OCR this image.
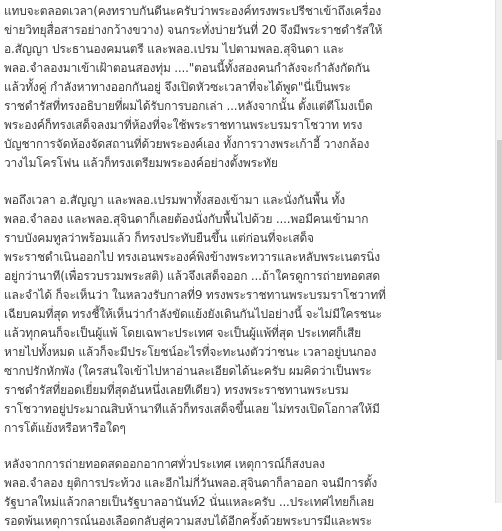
แทบจะตลอดเวลา(คงทราบกันดีนะครับว่าพระองค์ทรงพระปรีชาเข้าถึงเครื่อง
ข่ายวิทยุสื่อสารอย่างกว้างขวาง) จนกระทั่งบ่ายวันที่ 20 จึงมีพระราชดำรัสให้
อ.สัญญา ประธานองคมนตรี และพลอ.เปรม ไปตามพลอ.สุจินดา และ
พลอ.จำลองมาเข้าเฝ้าตอนสองทุ่ม ...."ตอนนี้ทั้งสองคนกำลังจะกำลังกัดกัน
แล้วทั้งคู่ กำลังหาทางออกกันอยู่ จึงเปิดหัวซะเวลาที่จะได้พูด"นี่เป็นพระ
ราชดำรัสที่ทรงอธิบายที่ผมได้รับการบอกเล่า ...หลังจากนั้น ตั้งแต่ตีโมงเบ็ด
พระองค์ก็ทรงเสด็จลงมาที่ห้องที่จะใช้พระราชทานพระบรมราโชวาท ทรง
บัญชาการจัดห้องจัดสถานที่ด้วยพระองค์เอง ทั้งการวางพระเก้าอี้ วางกล้อง
วางไมโครโฟน แล้วก็ทรงเตรียมพระองค์อย่างตั้งพระทัย
พอถึงเวลา อ.สัญญา และพลอ.เปรมพาทั้งสองเข้ามา และนั่งกันพื้น ทั้ง
พลอ.จำลอง และพลอ.สุจินดาก็เลยต้องนั่งกับพื้นไปด้วย ....พอมีคนเข้ามาก
ราบบังคมทูลว่าพร้อมแล้ว ก็ทรงประทับยืนขึ้น แต่ก่อนที่จะเสด็จ
พระราชดำเนินออกไป ทรงเอนพระองค์พิงข้างพระทวารและหลับพระเนตรนิ่ง
อยู่กว่านาที(เพื่อรวบรวมพระสติ) แล้วจึงเสด็จออก ...ถ้าใครดูการถ่ายทอดสด
และจำได้ ก็จะเห็นว่า ในหลวงรับกาลที่9 ทรงพระราชทานพระบรมราโชวาทที่
เฉียบคมที่สุด ทรงชี้ให้เห็นว่ากำลังขัดแย้งยังเดินกันไปอย่างนี้ จะไม่มีใครชนะ
แล้วทุกคนก็จะเป็นผู้แพ้ โดยเฉพาะประเทศ จะเป็นผู้แพ้ที่สุด ประเทศก็เสีย
หายไปทั้งหมด แล้วก็จะมีประโยชน์อะไรที่จะทะนงตัวว่าชนะ เวลาอยู่บนกอง
ซากปรักหักพัง (ใครสนใจเข้าไปหาอ่านละเอียดได้นะครับ ผมคิดว่าเป็นพระ
ราชดำรัสที่ยอดเยี่ยมที่สุดอันหนึ่งเลยทีเดียว) ทรงพระราชทานพระบรม
ราโชวาทอยู่ประมาณสิบห้านาทีแล้วก็ทรงเสด็จขึ้นเลย ไม่ทรงเปิดโอกาสให้มี
การโต้แย้งหรือหารือใดๆ
หลังจากการถ่ายทอดสดออกอากาศทั่วประเทศ เหตุการณ์ก็สงบลง
พลอ.จำลอง ยุติการประท้วง และอีกไม่กี่วันพลอ.สุจินดาก็ลาออก จนมีการตั้ง
รัฐบาลใหม่แล้วกลายเป็นรัฐบาลอานันท์2 นั่นแหละครับ ...ประเทศไทยก็เลย
รอดพ้นเหตุการณ์นองเลือดกลับสู่ความสงบได้อีกครั้งด้วยพระบารมีและพระ
